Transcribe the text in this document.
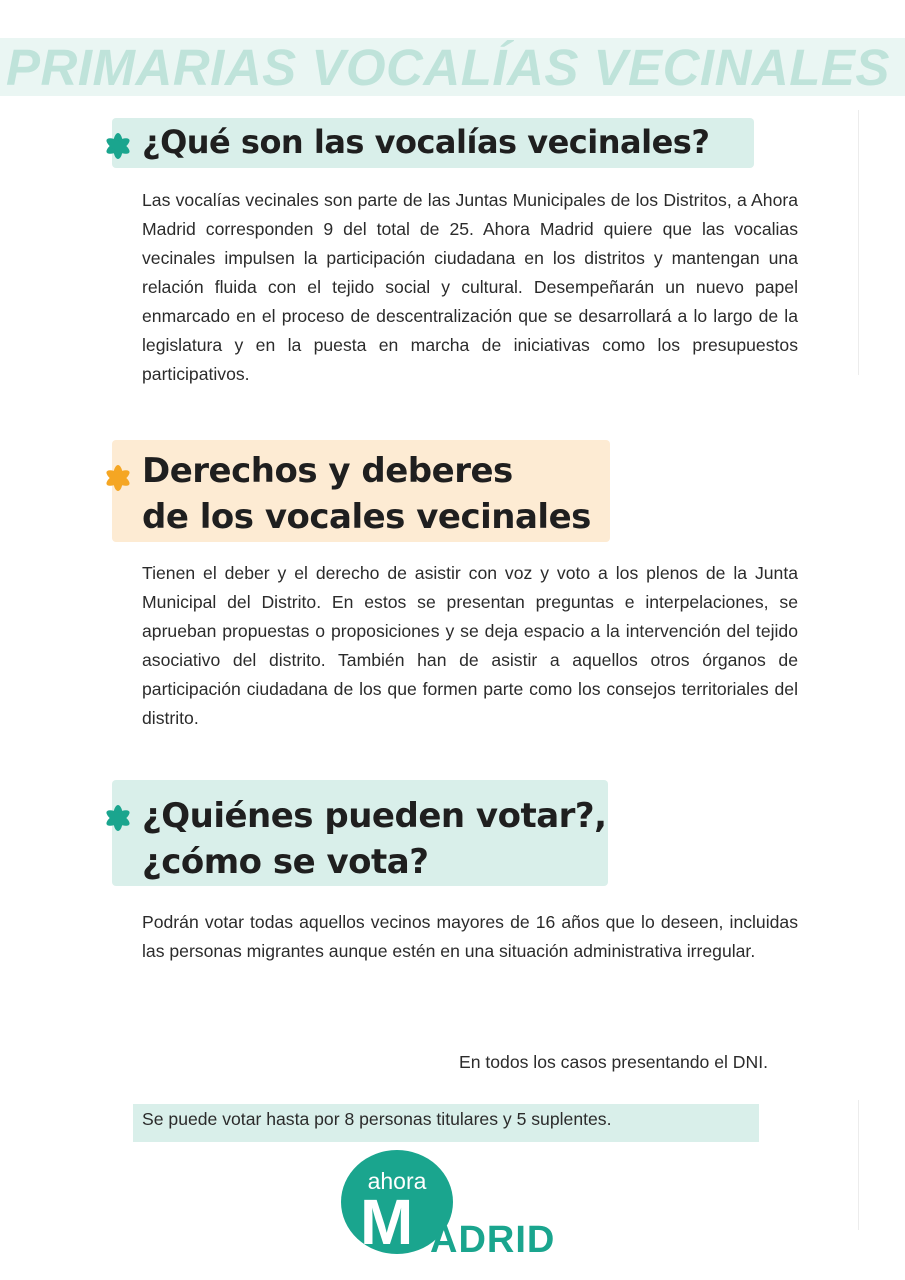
PRIMARIAS VOCALÍAS VECINALES
¿Qué son las vocalías vecinales?

Las vocalías vecinales son parte de las Juntas Municipales de los Distritos, a Ahora Madrid corresponden 9 del total de 25. Ahora Madrid quiere que las vocalias vecinales impulsen la participación ciudadana en los distritos y mantengan una relación fluida con el tejido social y cultural. Desempeñarán un nuevo papel enmarcado en el proceso de descentralización que se desarrollará a lo largo de la legislatura y en la puesta en marcha de iniciativas como los presupuestos participativos.

Derechos y deberes
de los vocales vecinales

Tienen el deber y el derecho de asistir con voz y voto a los plenos de la Junta Municipal del Distrito. En estos se presentan preguntas e interpelaciones, se aprueban propuestas o proposiciones y se deja espacio a la intervención del tejido asociativo del distrito. También han de asistir a aquellos otros órganos de participación ciudadana de los que formen parte como los consejos territoriales del distrito.

¿Quiénes pueden votar?,
¿cómo se vota?

Podrán votar todas aquellos vecinos mayores de 16 años que lo deseen, incluidas las personas migrantes aunque estén en una situación administrativa irregular.

En todos los casos presentando el DNI.
Se puede votar hasta por 8 personas titulares y 5 suplentes.
ahora
M ADRID
